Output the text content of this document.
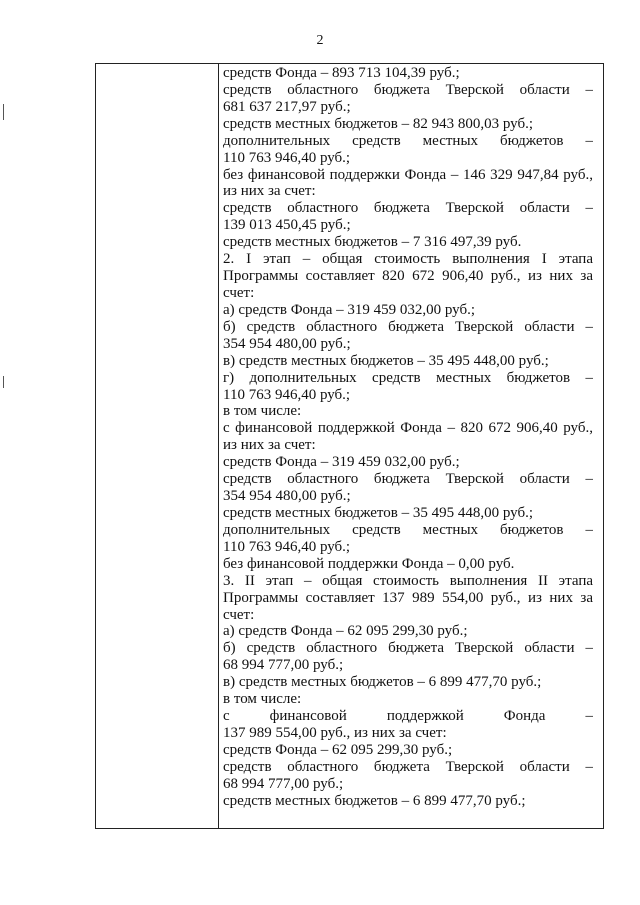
2
средств Фонда – 893 713 104,39 руб.;
средств областного бюджета Тверской области –
681 637 217,97 руб.;
средств местных бюджетов – 82 943 800,03 руб.;
дополнительных средств местных бюджетов –
110 763 946,40 руб.;
без финансовой поддержки Фонда – 146 329 947,84 руб.,
из них за счет:
средств областного бюджета Тверской области –
139 013 450,45 руб.;
средств местных бюджетов – 7 316 497,39 руб.
2. I этап – общая стоимость выполнения I этапа
Программы составляет 820 672 906,40 руб., из них за
счет:
а) средств Фонда – 319 459 032,00 руб.;
б) средств областного бюджета Тверской области –
354 954 480,00 руб.;
в) средств местных бюджетов – 35 495 448,00 руб.;
г) дополнительных средств местных бюджетов –
110 763 946,40 руб.;
в том числе:
с финансовой поддержкой Фонда – 820 672 906,40 руб.,
из них за счет:
средств Фонда – 319 459 032,00 руб.;
средств областного бюджета Тверской области –
354 954 480,00 руб.;
средств местных бюджетов – 35 495 448,00 руб.;
дополнительных средств местных бюджетов –
110 763 946,40 руб.;
без финансовой поддержки Фонда – 0,00 руб.
3. II этап – общая стоимость выполнения II этапа
Программы составляет 137 989 554,00 руб., из них за
счет:
а) средств Фонда – 62 095 299,30 руб.;
б) средств областного бюджета Тверской области –
68 994 777,00 руб.;
в) средств местных бюджетов – 6 899 477,70 руб.;
в том числе:
с финансовой поддержкой Фонда –
137 989 554,00 руб., из них за счет:
средств Фонда – 62 095 299,30 руб.;
средств областного бюджета Тверской области –
68 994 777,00 руб.;
средств местных бюджетов – 6 899 477,70 руб.;
